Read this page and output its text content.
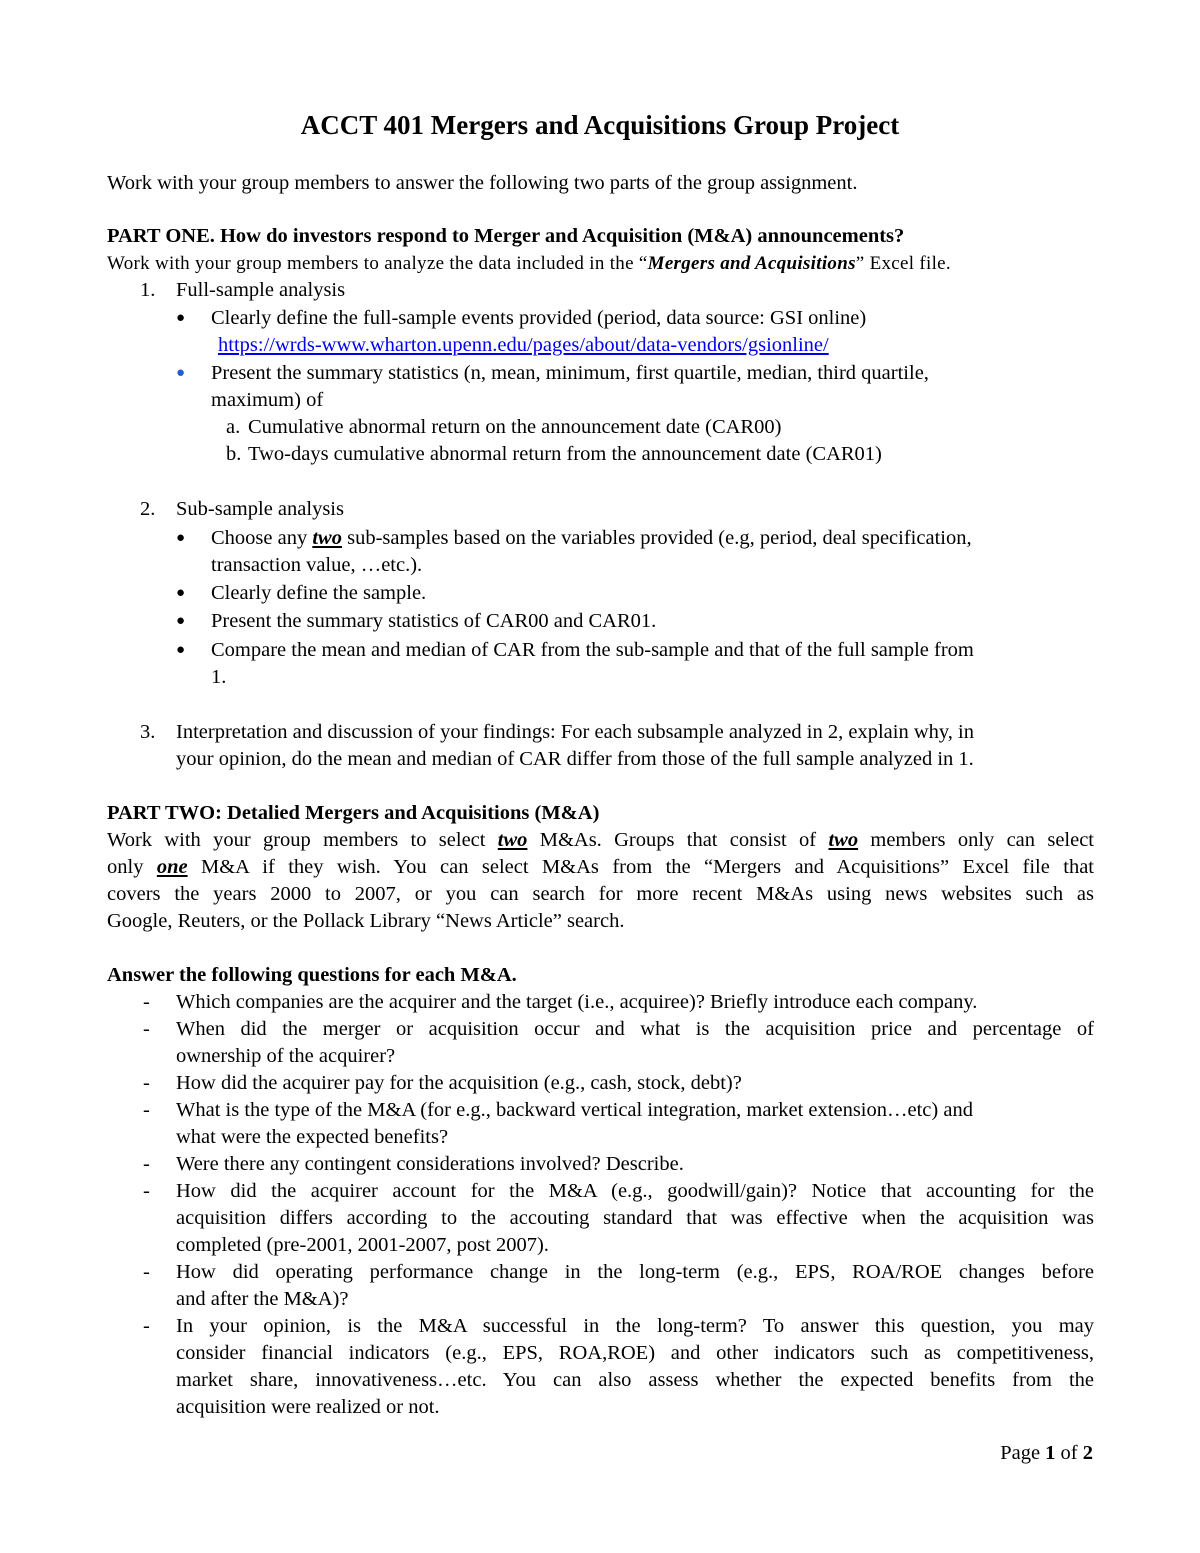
ACCT 401 Mergers and Acquisitions Group Project
Work with your group members to answer the following two parts of the group assignment.
PART ONE. How do investors respond to Merger and Acquisition (M&A) announcements?
Work with your group members to analyze the data included in the “Mergers and Acquisitions” Excel file.
1. Full-sample analysis
● Clearly define the full-sample events provided (period, data source: GSI online)
https://wrds-www.wharton.upenn.edu/pages/about/data-vendors/gsionline/
● Present the summary statistics (n, mean, minimum, first quartile, median, third quartile,
maximum) of
a. Cumulative abnormal return on the announcement date (CAR00)
b. Two-days cumulative abnormal return from the announcement date (CAR01)
2. Sub-sample analysis
● Choose any two sub-samples based on the variables provided (e.g, period, deal specification,
transaction value, …etc.).
● Clearly define the sample.
● Present the summary statistics of CAR00 and CAR01.
● Compare the mean and median of CAR from the sub-sample and that of the full sample from
1.
3. Interpretation and discussion of your findings: For each subsample analyzed in 2, explain why, in
your opinion, do the mean and median of CAR differ from those of the full sample analyzed in 1.
PART TWO: Detalied Mergers and Acquisitions (M&A)
Work with your group members to select two M&As. Groups that consist of two members only can select
only one M&A if they wish. You can select M&As from the “Mergers and Acquisitions” Excel file that
covers the years 2000 to 2007, or you can search for more recent M&As using news websites such as
Google, Reuters, or the Pollack Library “News Article” search.
Answer the following questions for each M&A.
- Which companies are the acquirer and the target (i.e., acquiree)? Briefly introduce each company.
- When did the merger or acquisition occur and what is the acquisition price and percentage of
ownership of the acquirer?
- How did the acquirer pay for the acquisition (e.g., cash, stock, debt)?
- What is the type of the M&A (for e.g., backward vertical integration, market extension…etc) and
what were the expected benefits?
- Were there any contingent considerations involved? Describe.
- How did the acquirer account for the M&A (e.g., goodwill/gain)? Notice that accounting for the
acquisition differs according to the accouting standard that was effective when the acquisition was
completed (pre-2001, 2001-2007, post 2007).
- How did operating performance change in the long-term (e.g., EPS, ROA/ROE changes before
and after the M&A)?
- In your opinion, is the M&A successful in the long-term? To answer this question, you may
consider financial indicators (e.g., EPS, ROA,ROE) and other indicators such as competitiveness,
market share, innovativeness…etc. You can also assess whether the expected benefits from the
acquisition were realized or not.
Page 1 of 2
